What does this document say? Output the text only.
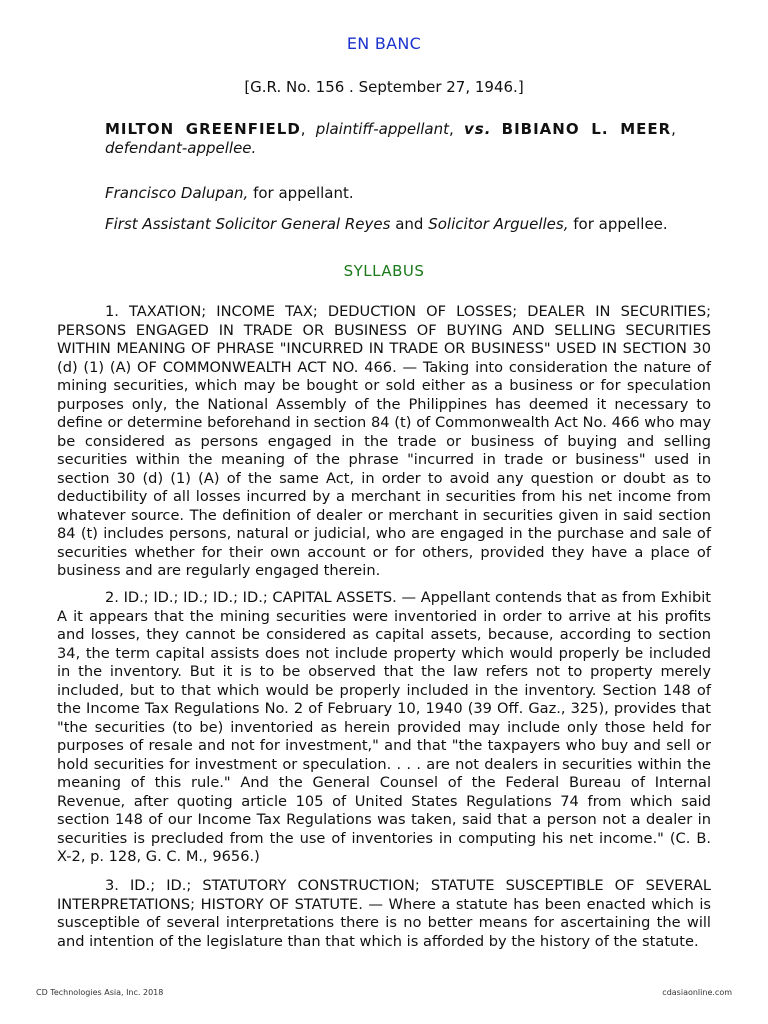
EN BANC
[G.R. No. 156 . September 27, 1946.]
MILTON GREENFIELD, plaintiff-appellant, vs. BIBIANO L. MEER,
defendant-appellee.
Francisco Dalupan, for appellant.
First Assistant Solicitor General Reyes and Solicitor Arguelles, for appellee.
SYLLABUS

1. TAXATION; INCOME TAX; DEDUCTION OF LOSSES; DEALER IN SECURITIES; PERSONS ENGAGED IN TRADE OR BUSINESS OF BUYING AND SELLING SECURITIES WITHIN MEANING OF PHRASE "INCURRED IN TRADE OR BUSINESS" USED IN SECTION 30 (d) (1) (A) OF COMMONWEALTH ACT NO. 466. — Taking into consideration the nature of mining securities, which may be bought or sold either as a business or for speculation purposes only, the National Assembly of the Philippines has deemed it necessary to define or determine beforehand in section 84 (t) of Commonwealth Act No. 466 who may be considered as persons engaged in the trade or business of buying and selling securities within the meaning of the phrase "incurred in trade or business" used in section 30 (d) (1) (A) of the same Act, in order to avoid any question or doubt as to deductibility of all losses incurred by a merchant in securities from his net income from whatever source. The definition of dealer or merchant in securities given in said section 84 (t) includes persons, natural or judicial, who are engaged in the purchase and sale of securities whether for their own account or for others, provided they have a place of business and are regularly engaged therein.

2. ID.; ID.; ID.; ID.; ID.; CAPITAL ASSETS. — Appellant contends that as from Exhibit A it appears that the mining securities were inventoried in order to arrive at his profits and losses, they cannot be considered as capital assets, because, according to section 34, the term capital assists does not include property which would properly be included in the inventory. But it is to be observed that the law refers not to property merely included, but to that which would be properly included in the inventory. Section 148 of the Income Tax Regulations No. 2 of February 10, 1940 (39 Off. Gaz., 325), provides that "the securities (to be) inventoried as herein provided may include only those held for purposes of resale and not for investment," and that "the taxpayers who buy and sell or hold securities for investment or speculation. . . . are not dealers in securities within the meaning of this rule." And the General Counsel of the Federal Bureau of Internal Revenue, after quoting article 105 of United States Regulations 74 from which said section 148 of our Income Tax Regulations was taken, said that a person not a dealer in securities is precluded from the use of inventories in computing his net income." (C. B. X-2, p. 128, G. C. M., 9656.)

3. ID.; ID.; STATUTORY CONSTRUCTION; STATUTE SUSCEPTIBLE OF SEVERAL INTERPRETATIONS; HISTORY OF STATUTE. — Where a statute has been enacted which is susceptible of several interpretations there is no better means for ascertaining the will and intention of the legislature than that which is afforded by the history of the statute.

CD Technologies Asia, Inc. 2018	cdasiaonline.com
